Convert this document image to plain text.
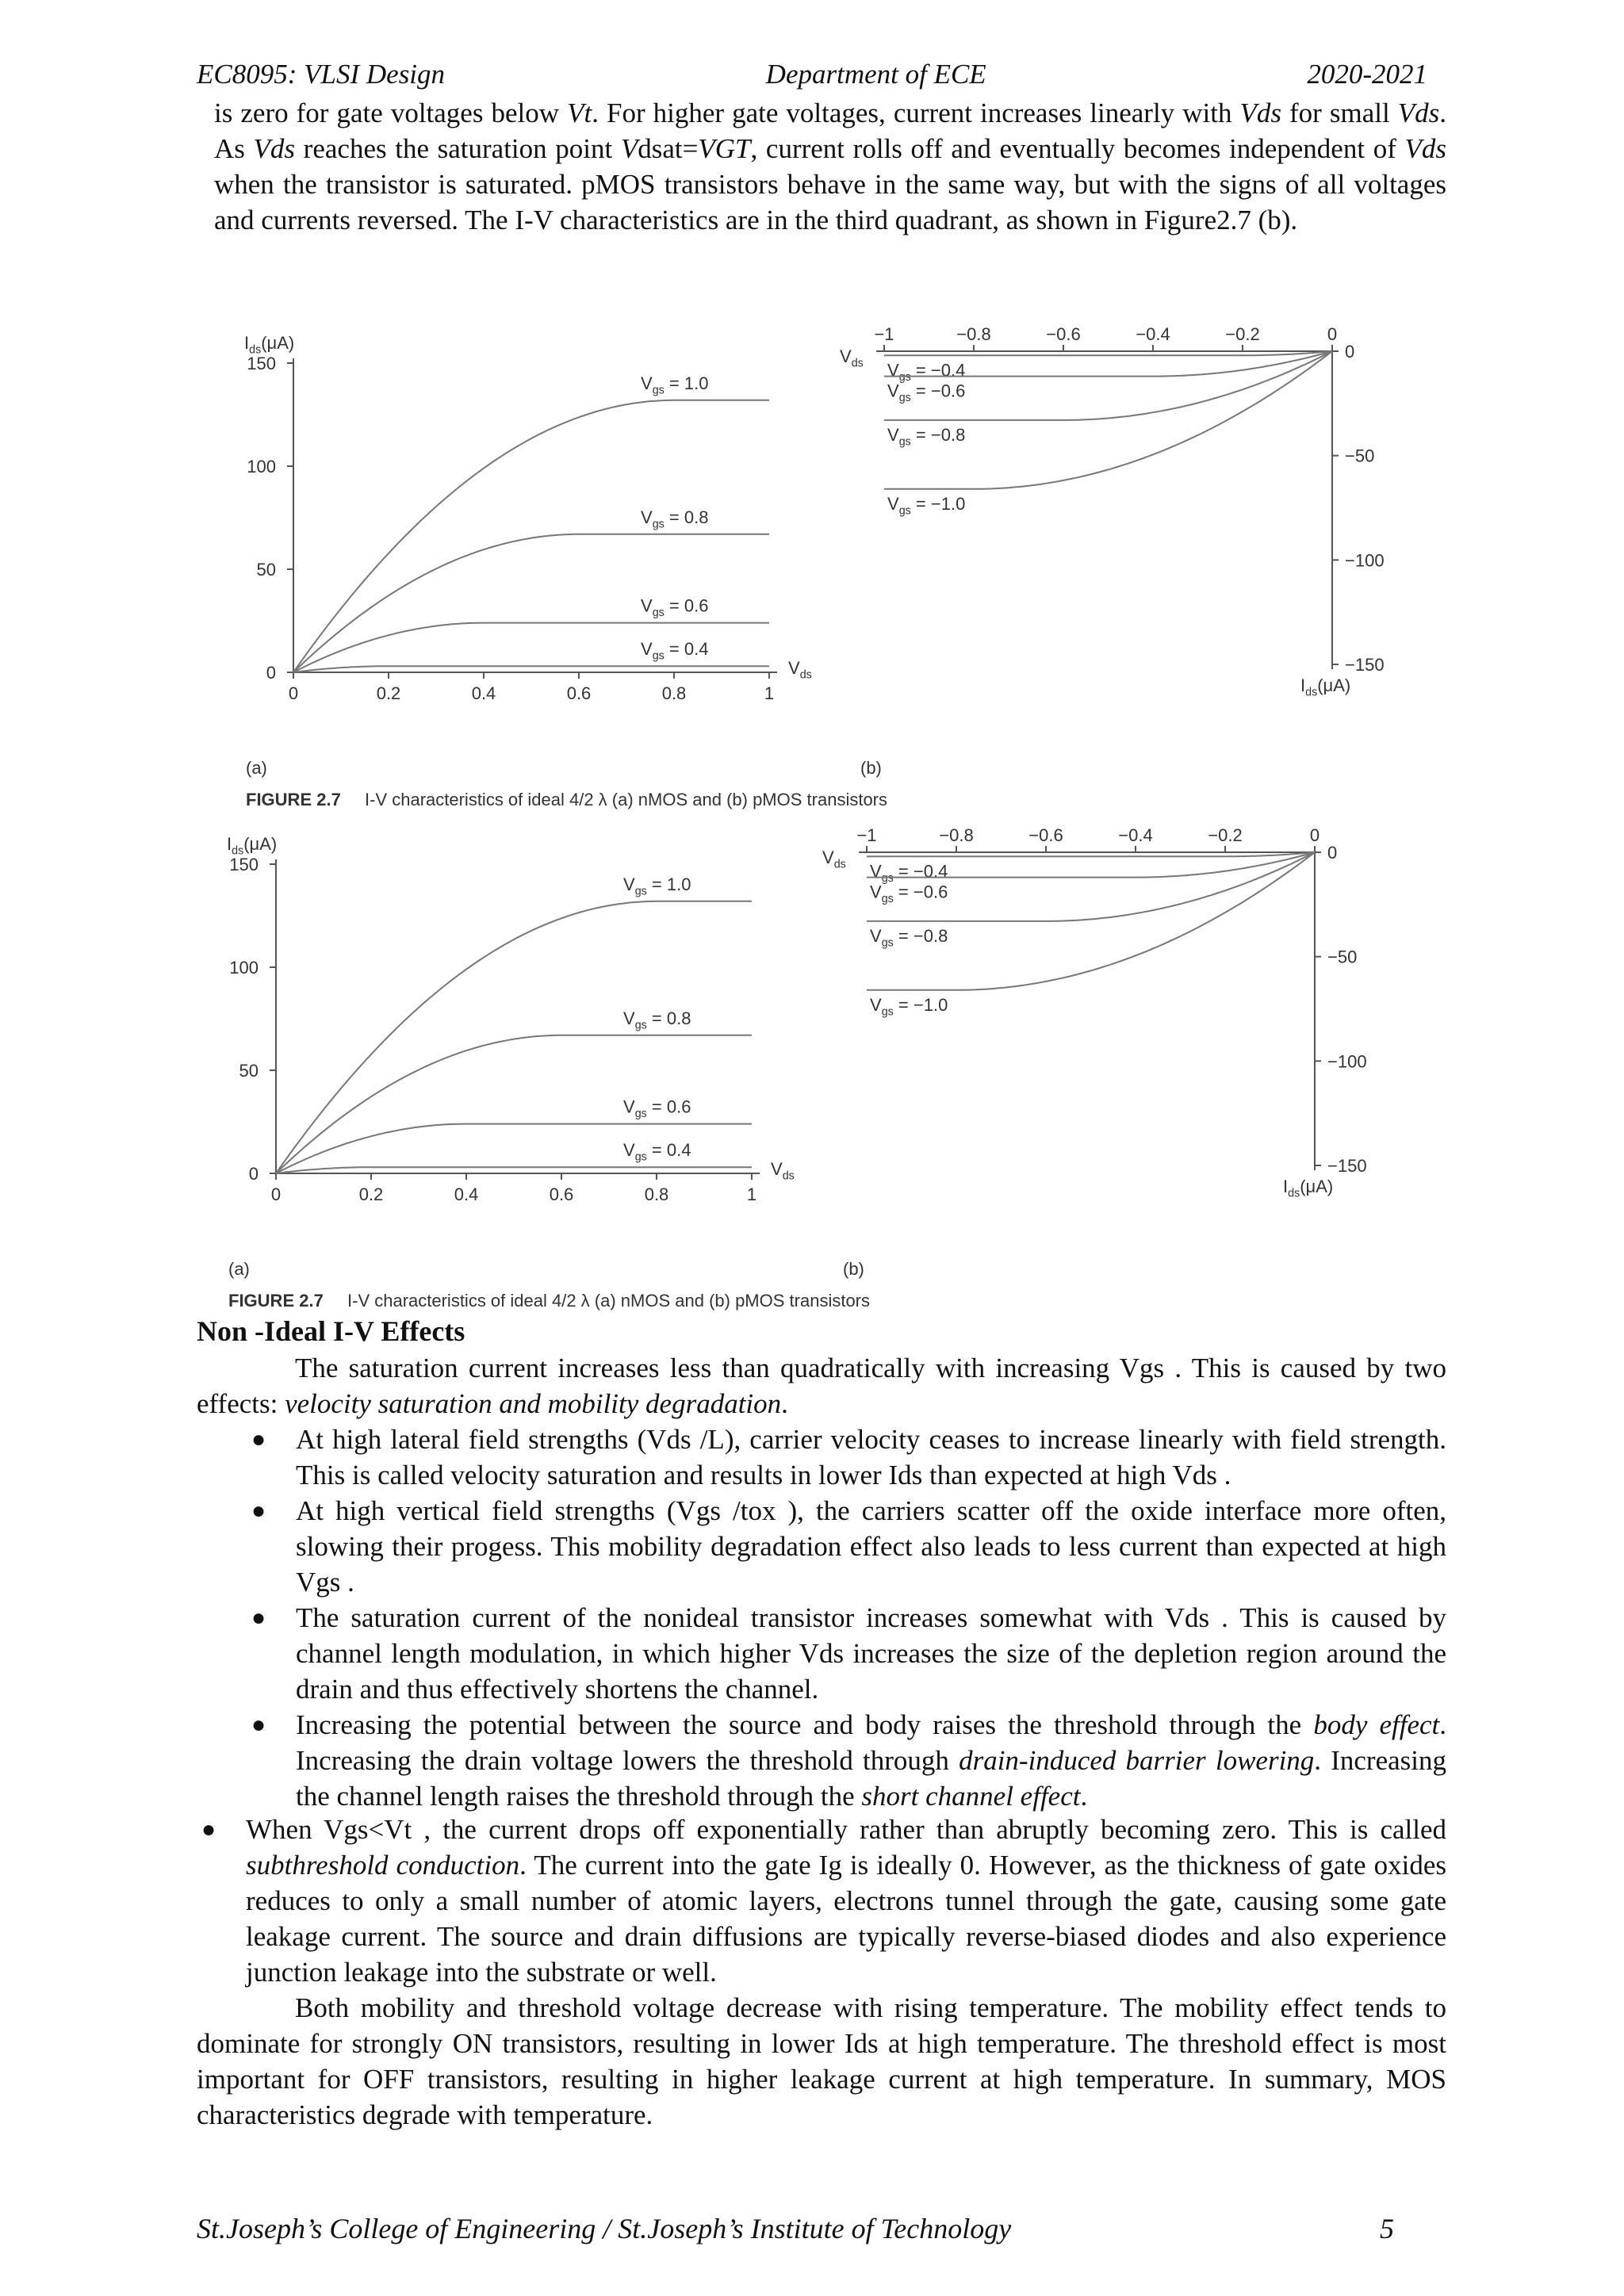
EC8095: VLSI Design	Department of ECE	2020-2021
is zero for gate voltages below Vt. For higher gate voltages, current increases linearly with Vds for small Vds. As Vds reaches the saturation point Vdsat=VGT, current rolls off and eventually becomes independent of Vds when the transistor is saturated. pMOS transistors behave in the same way, but with the signs of all voltages and currents reversed. The I-V characteristics are in the third quadrant, as shown in Figure2.7 (b).
0
50
100
150
0	0.2	0.4	0.6	0.8	1
$I_{ds}(\mu A)$
$V_{ds}$
$V_{gs} = 1.0$
$V_{gs} = 0.8$
$V_{gs} = 0.6$
$V_{gs} = 0.4$
(a)
−1	−0.8	−0.6	−0.4	−0.2	0
0
−50
−100
−150
$V_{ds}$
$I_{ds}(\mu A)$
$V_{gs} = -0.4$
$V_{gs} = -0.6$
$V_{gs} = -0.8$
$V_{gs} = -1.0$
(b)
FIGURE 2.7 I-V characteristics of ideal 4/2 λ (a) nMOS and (b) pMOS transistors
0
50
100
150
0	0.2	0.4	0.6	0.8	1
$I_{ds}(\mu A)$
$V_{ds}$
$V_{gs} = 1.0$
$V_{gs} = 0.8$
$V_{gs} = 0.6$
$V_{gs} = 0.4$
(a)
−1	−0.8	−0.6	−0.4	−0.2	0
0
−50
−100
−150
$V_{ds}$
$I_{ds}(\mu A)$
$V_{gs} = -0.4$
$V_{gs} = -0.6$
$V_{gs} = -0.8$
$V_{gs} = -1.0$
(b)
FIGURE 2.7 I-V characteristics of ideal 4/2 λ (a) nMOS and (b) pMOS transistors
Non -Ideal I-V Effects
The saturation current increases less than quadratically with increasing Vgs . This is caused by two effects: velocity saturation and mobility degradation.
● At high lateral field strengths (Vds /L), carrier velocity ceases to increase linearly with field strength. This is called velocity saturation and results in lower Ids than expected at high Vds .
● At high vertical field strengths (Vgs /tox ), the carriers scatter off the oxide interface more often, slowing their progess. This mobility degradation effect also leads to less current than expected at high Vgs .
● The saturation current of the nonideal transistor increases somewhat with Vds . This is caused by channel length modulation, in which higher Vds increases the size of the depletion region around the drain and thus effectively shortens the channel.
● Increasing the potential between the source and body raises the threshold through the body effect. Increasing the drain voltage lowers the threshold through drain-induced barrier lowering. Increasing the channel length raises the threshold through the short channel effect.
● When Vgs<Vt , the current drops off exponentially rather than abruptly becoming zero. This is called subthreshold conduction. The current into the gate Ig is ideally 0. However, as the thickness of gate oxides reduces to only a small number of atomic layers, electrons tunnel through the gate, causing some gate leakage current. The source and drain diffusions are typically reverse-biased diodes and also experience junction leakage into the substrate or well.
Both mobility and threshold voltage decrease with rising temperature. The mobility effect tends to dominate for strongly ON transistors, resulting in lower Ids at high temperature. The threshold effect is most important for OFF transistors, resulting in higher leakage current at high temperature. In summary, MOS characteristics degrade with temperature.
St.Joseph’s College of Engineering / St.Joseph’s Institute of Technology	5
